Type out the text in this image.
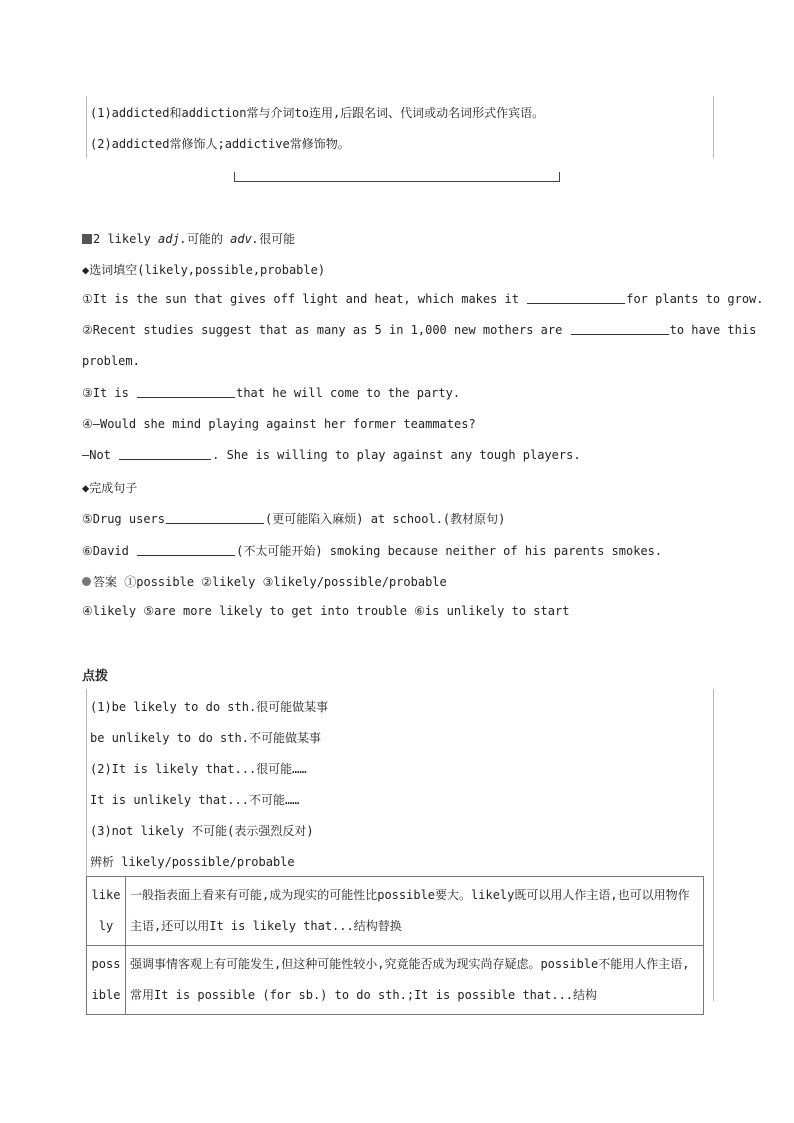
(1)addicted和addiction常与介词to连用,后跟名词、代词或动名词形式作宾语。
(2)addicted常修饰人;addictive常修饰物。
2 likely adj.可能的 adv.很可能
◆选词填空(likely,possible,probable)
①It is the sun that gives off light and heat, which makes it	for plants to grow.
②Recent studies suggest that as many as 5 in 1,000 new mothers are	to have this
problem.
③It is	that he will come to the party.
④—Would she mind playing against her former teammates?
—Not	. She is willing to play against any tough players.
◆完成句子
⑤Drug users	(更可能陷入麻烦) at school.(教材原句)
⑥David	(不太可能开始) smoking because neither of his parents smokes.
答案 ①possible ②likely ③likely/possible/probable
④likely ⑤are more likely to get into trouble ⑥is unlikely to start
点拨
(1)be likely to do sth.很可能做某事
be unlikely to do sth.不可能做某事
(2)It is likely that...很可能……
It is unlikely that...不可能……
(3)not likely 不可能(表示强烈反对)
辨析 likely/possible/probable
likely	一般指表面上看来有可能,成为现实的可能性比possible要大。likely既可以用人作主语,也可以用物作主语,还可以用It is likely that...结构替换
possible	强调事情客观上有可能发生,但这种可能性较小,究竟能否成为现实尚存疑虑。possible不能用人作主语,常用It is possible (for sb.) to do sth.;It is possible that...结构
